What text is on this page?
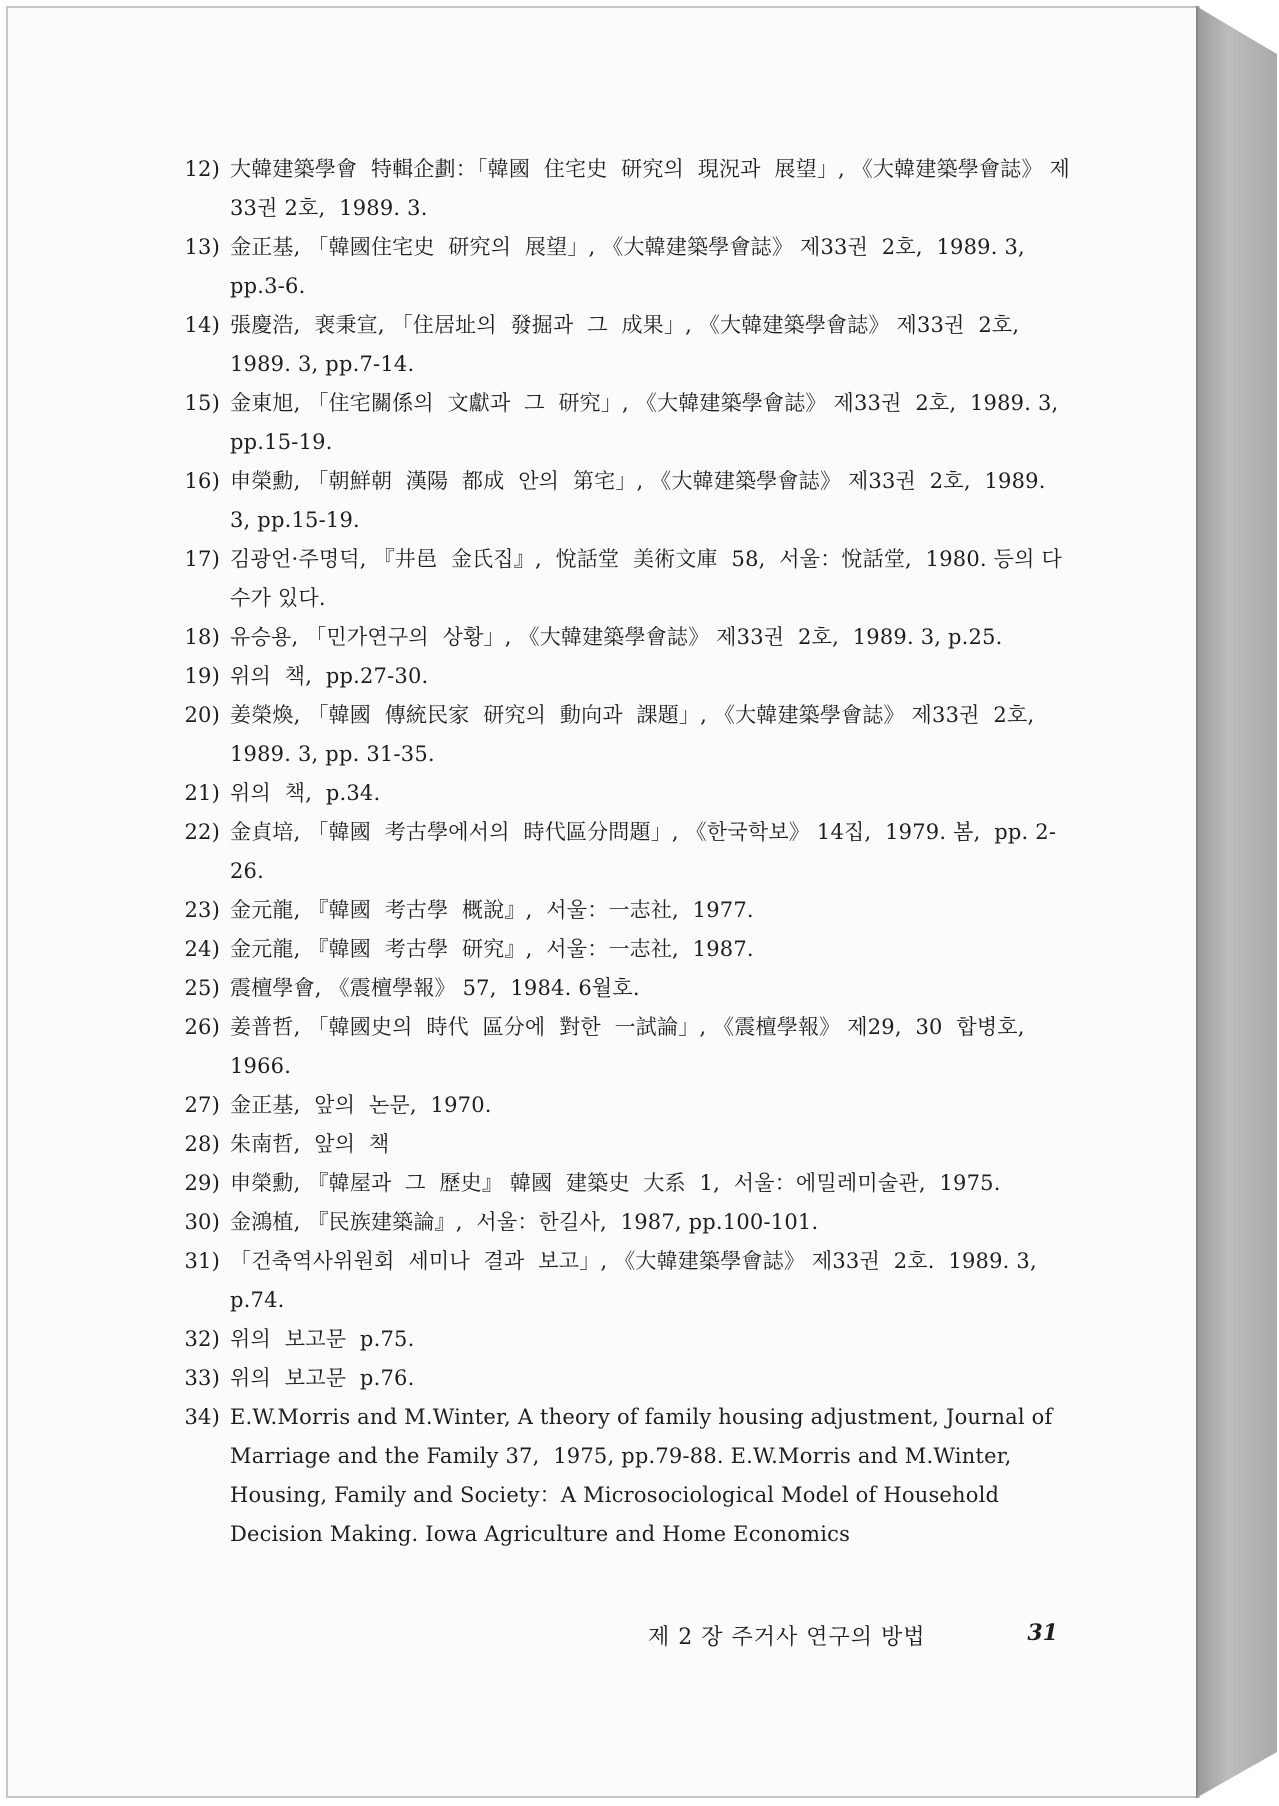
12) 大韓建築學會  特輯企劃：「韓國  住宅史  研究의  現況과  展望」, 《大韓建築學會誌》 제33권 2호,  1989. 3.
13) 金正基, 「韓國住宅史  研究의  展望」, 《大韓建築學會誌》 제33권  2호,  1989. 3, pp.3-6.
14) 張慶浩,  裵秉宣, 「住居址의  發掘과  그  成果」, 《大韓建築學會誌》 제33권  2호, 1989. 3, pp.7-14.
15) 金東旭, 「住宅關係의  文獻과  그  研究」, 《大韓建築學會誌》 제33권  2호,  1989. 3, pp.15-19.
16) 申榮勳, 「朝鮮朝  漢陽  都成  안의  第宅」, 《大韓建築學會誌》 제33권  2호,  1989. 3, pp.15-19.
17) 김광언·주명덕, 『井邑  金氏집』,  悅話堂  美術文庫  58,  서울：悅話堂,  1980. 등의 다수가 있다.
18) 유승용, 「민가연구의  상황」, 《大韓建築學會誌》 제33권  2호,  1989. 3, p.25.
19) 위의  책,  pp.27-30.
20) 姜榮煥, 「韓國  傳統民家  研究의  動向과  課題」, 《大韓建築學會誌》 제33권  2호, 1989. 3, pp. 31-35.
21) 위의  책,  p.34.
22) 金貞培, 「韓國  考古學에서의  時代區分問題」, 《한국학보》 14집,  1979. 봄,  pp. 2-26.
23) 金元龍, 『韓國  考古學  概說』,  서울：一志社,  1977.
24) 金元龍, 『韓國  考古學  研究』,  서울：一志社,  1987.
25) 震檀學會, 《震檀學報》 57,  1984. 6월호.
26) 姜普哲, 「韓國史의  時代  區分에  對한  一試論」, 《震檀學報》 제29,  30  합병호, 1966.
27) 金正基,  앞의  논문,  1970.
28) 朱南哲,  앞의  책
29) 申榮勳, 『韓屋과  그  歷史』 韓國  建築史  大系  1,  서울：에밀레미술관,  1975.
30) 金鴻植, 『民族建築論』,  서울：한길사,  1987, pp.100-101.
31) 「건축역사위원회  세미나  결과  보고」, 《大韓建築學會誌》 제33권  2호.  1989. 3, p.74.
32) 위의  보고문  p.75.
33) 위의  보고문  p.76.
34) E.W.Morris and M.Winter, A theory of family housing adjustment, Journal of Marriage and the Family 37,  1975, pp.79-88. E.W.Morris and M.Winter, Housing, Family and Society：A Microsociological Model of Household Decision Making. Iowa Agriculture and Home Economics
제 2 장 주거사 연구의 방법	31
